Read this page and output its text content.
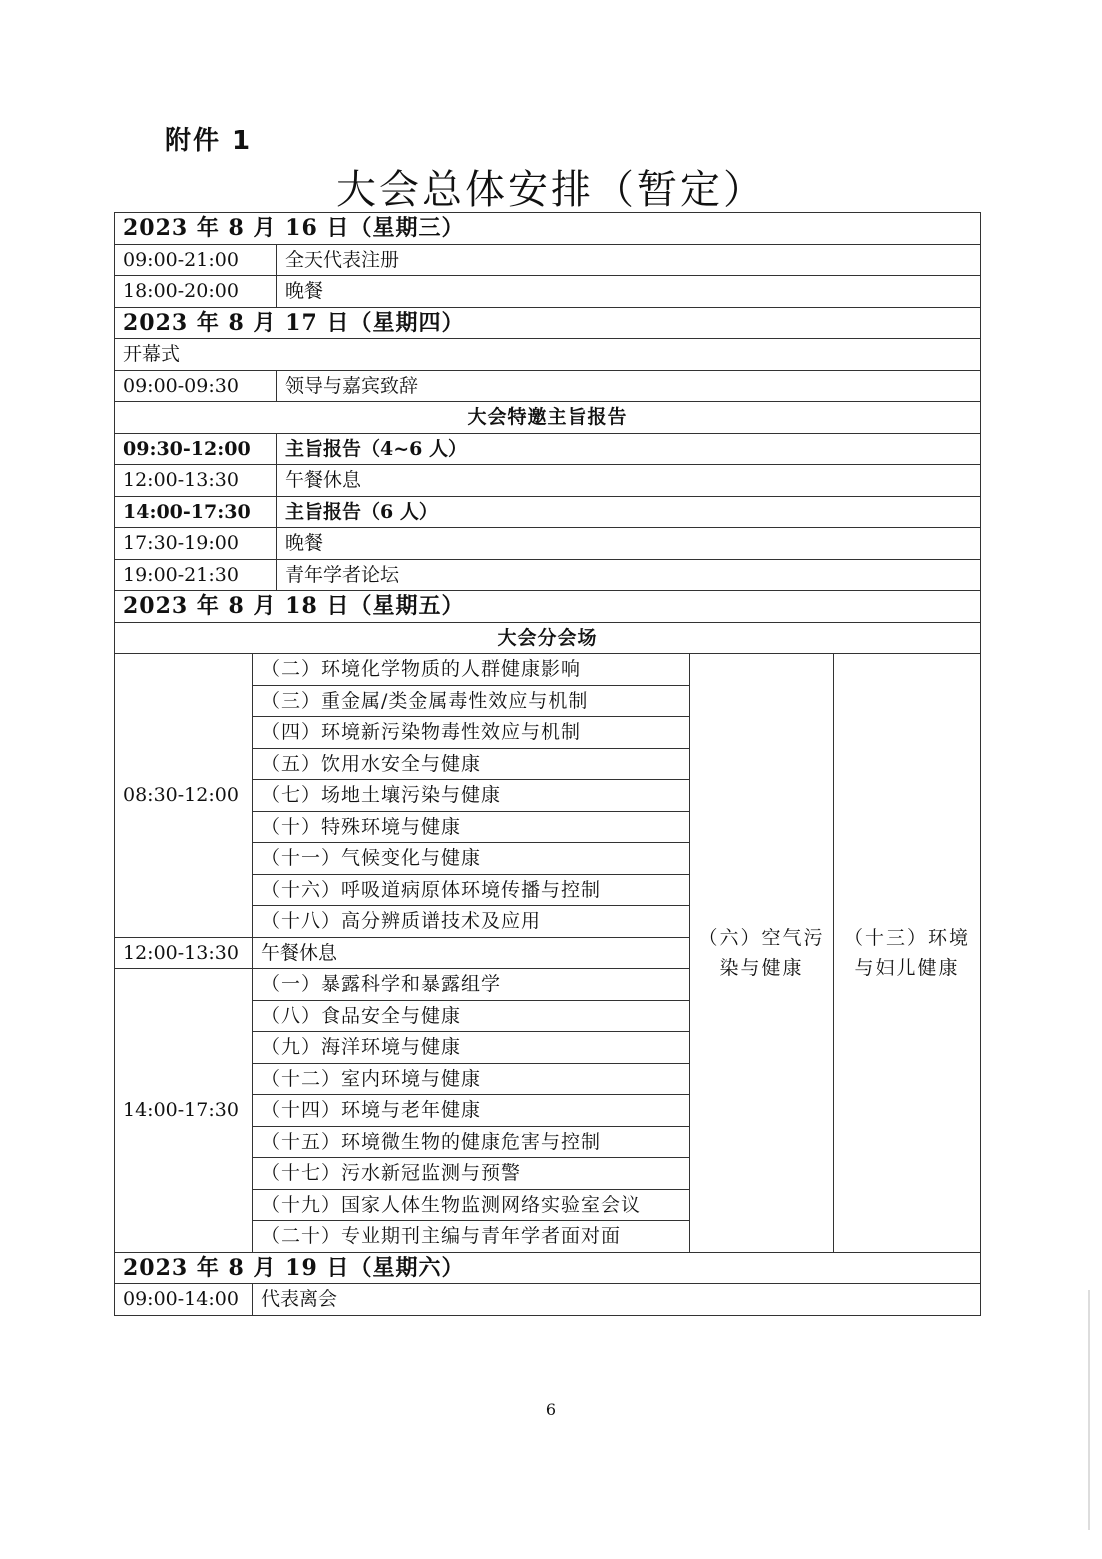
附件 1
大会总体安排（暂定）
2023 年 8 月 16 日（星期三）				
09:00-21:00		全天代表注册		
18:00-20:00		晚餐		
2023 年 8 月 17 日（星期四）				
开幕式				
09:00-09:30		领导与嘉宾致辞		
大会特邀主旨报告				
09:30-12:00		主旨报告（4~6 人）		
12:00-13:30		午餐休息		
14:00-17:30		主旨报告（6 人）		
17:30-19:00		晚餐		
19:00-21:30		青年学者论坛		
2023 年 8 月 18 日（星期五）				
大会分会场				
08:30-12:00	（二）环境化学物质的人群健康影响		（六）空气污染与健康	（十三）环境与妇儿健康
	（三）重金属/类金属毒性效应与机制			
	（四）环境新污染物毒性效应与机制			
	（五）饮用水安全与健康			
	（七）场地土壤污染与健康			
	（十）特殊环境与健康			
	（十一）气候变化与健康			
	（十六）呼吸道病原体环境传播与控制			
	（十八）高分辨质谱技术及应用			
12:00-13:30	午餐休息			
14:00-17:30	（一）暴露科学和暴露组学			
	（八）食品安全与健康			
	（九）海洋环境与健康			
	（十二）室内环境与健康			
	（十四）环境与老年健康			
	（十五）环境微生物的健康危害与控制			
	（十七）污水新冠监测与预警			
	（十九）国家人体生物监测网络实验室会议			
	（二十）专业期刊主编与青年学者面对面			
2023 年 8 月 19 日（星期六）				
09:00-14:00	代表离会			
6
